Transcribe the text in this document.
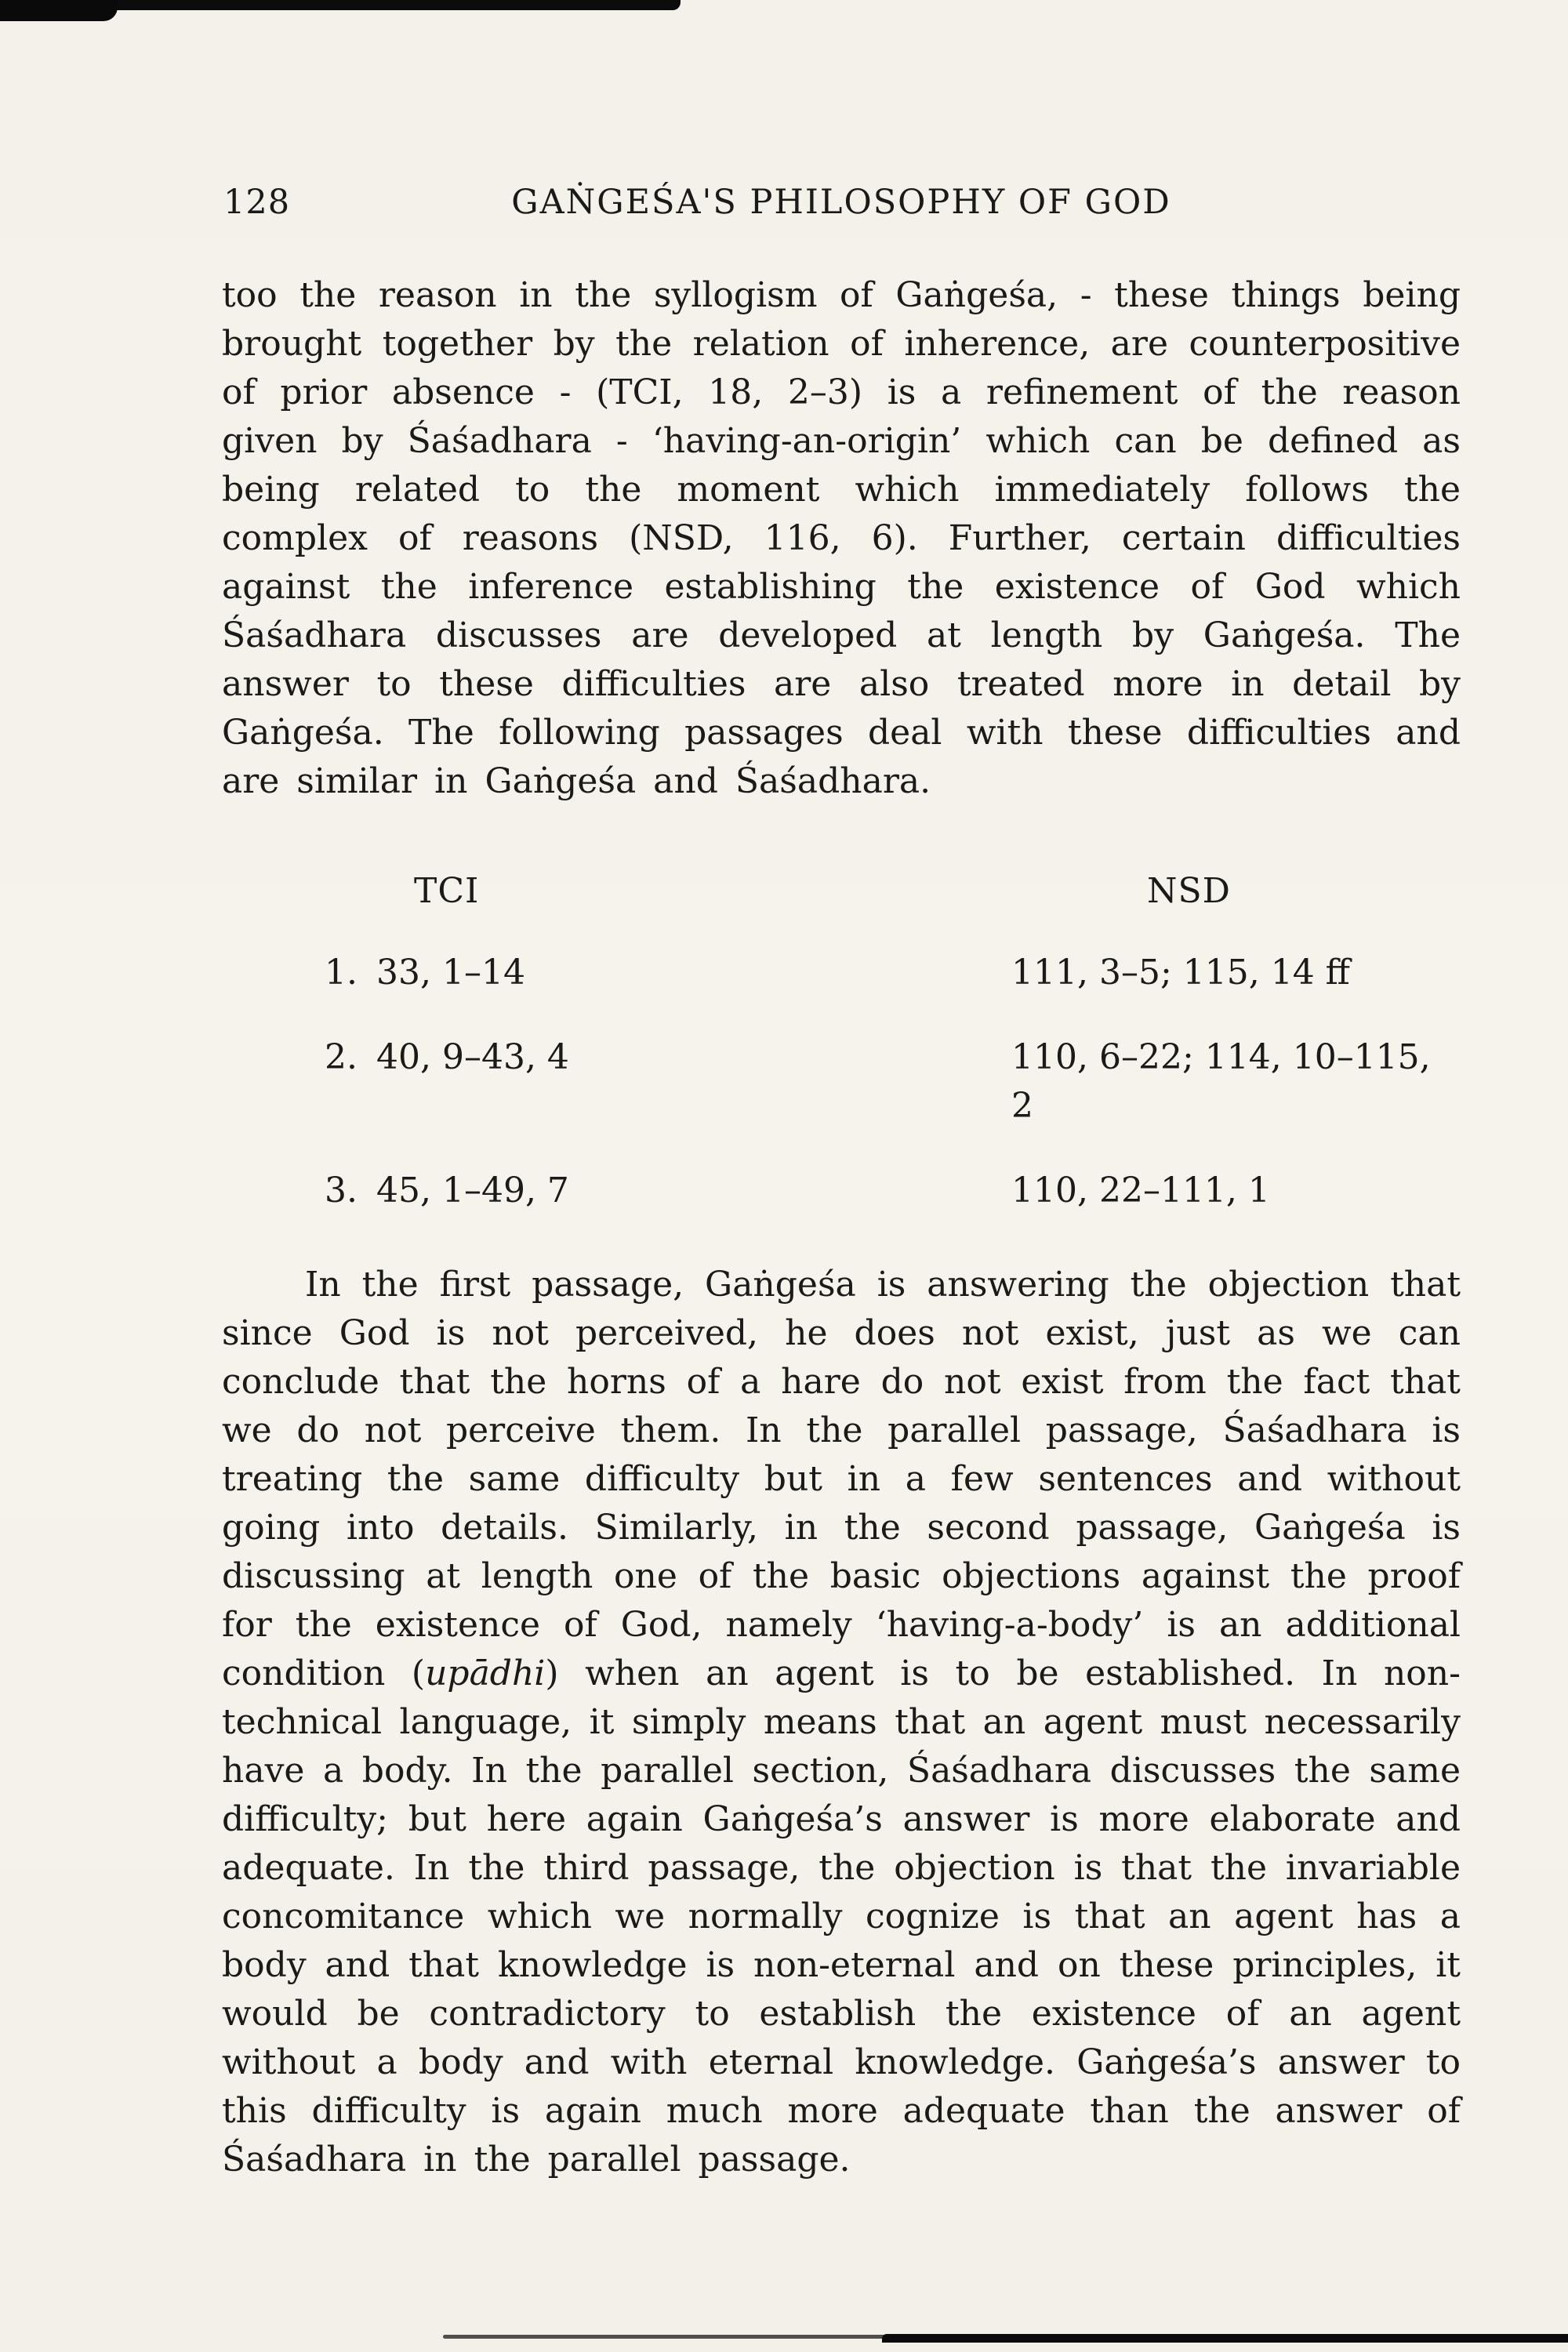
128	GAṄGEŚA'S PHILOSOPHY OF GOD

too the reason in the syllogism of Gaṅgeśa, - these things being brought together by the relation of inherence, are counterpositive of prior absence - (TCI, 18, 2–3) is a refinement of the reason given by Śaśadhara - ‘having-an-origin’ which can be defined as being related to the moment which immediately follows the complex of reasons (NSD, 116, 6). Further, certain difficulties against the inference establishing the existence of God which Śaśadhara discusses are developed at length by Gaṅgeśa. The answer to these difficulties are also treated more in detail by Gaṅgeśa. The following passages deal with these difficulties and are similar in Gaṅgeśa and Śaśadhara.

TCI	NSD
1. 33, 1–14	111, 3–5; 115, 14 ff
2. 40, 9–43, 4	110, 6–22; 114, 10–115, 2
3. 45, 1–49, 7	110, 22–111, 1

In the first passage, Gaṅgeśa is answering the objection that since God is not perceived, he does not exist, just as we can conclude that the horns of a hare do not exist from the fact that we do not perceive them. In the parallel passage, Śaśadhara is treating the same difficulty but in a few sentences and without going into details. Similarly, in the second passage, Gaṅgeśa is discussing at length one of the basic objections against the proof for the existence of God, namely ‘having-a-body’ is an additional condition (upādhi) when an agent is to be established. In non-technical language, it simply means that an agent must necessarily have a body. In the parallel section, Śaśadhara discusses the same difficulty; but here again Gaṅgeśa’s answer is more elaborate and adequate. In the third passage, the objection is that the invariable concomitance which we normally cognize is that an agent has a body and that knowledge is non-eternal and on these principles, it would be contradictory to establish the existence of an agent without a body and with eternal knowledge. Gaṅgeśa’s answer to this difficulty is again much more adequate than the answer of Śaśadhara in the parallel passage.
